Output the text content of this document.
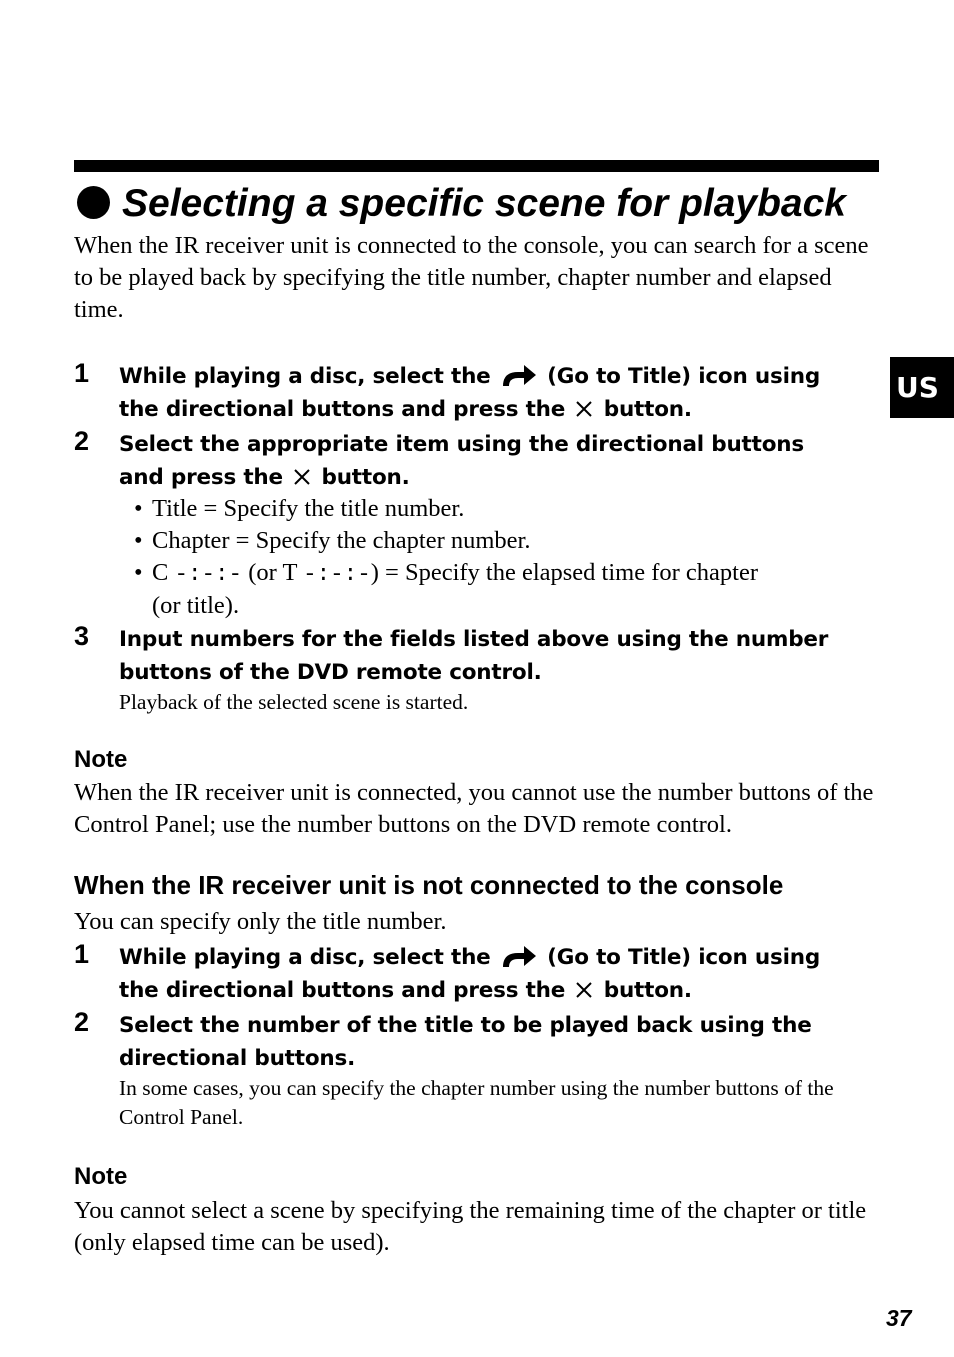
Selecting a specific scene for playback
When the IR receiver unit is connected to the console, you can search for a scene to be played back by specifying the title number, chapter number and elapsed time.
1 While playing a disc, select the	(Go to Title) icon using the directional buttons and press the button.
2 Select the appropriate item using the directional buttons and press the button.
• Title = Specify the title number.
• Chapter = Specify the chapter number.
• C -:-:- (or T -:-:-) = Specify the elapsed time for chapter
(or title).
3 Input numbers for the fields listed above using the number buttons of the DVD remote control.
Playback of the selected scene is started.
Note
When the IR receiver unit is connected, you cannot use the number buttons of the Control Panel; use the number buttons on the DVD remote control.
When the IR receiver unit is not connected to the console
You can specify only the title number.
1 While playing a disc, select the	(Go to Title) icon using the directional buttons and press the button.
2 Select the number of the title to be played back using the directional buttons.
In some cases, you can specify the chapter number using the number buttons of the Control Panel.
Note
You cannot select a scene by specifying the remaining time of the chapter or title (only elapsed time can be used).
US
37
